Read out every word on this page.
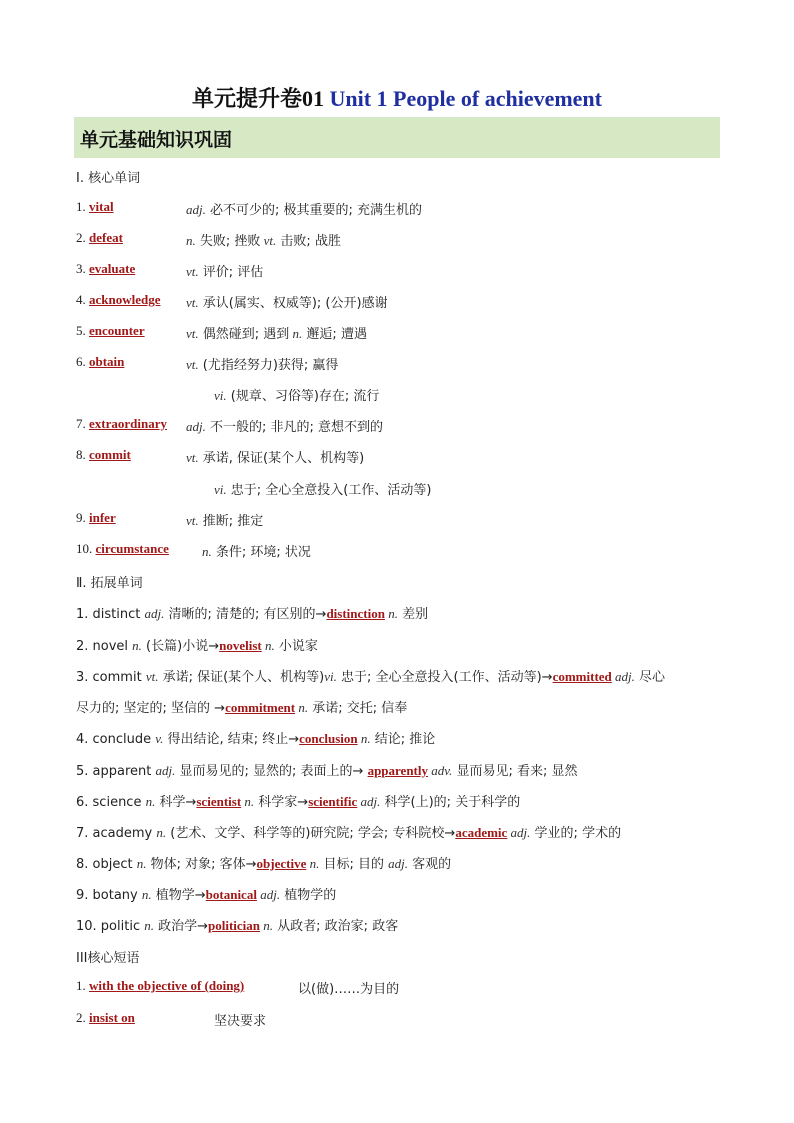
单元提升卷01 Unit 1 People of achievement
单元基础知识巩固
Ⅰ. 核心单词
1. vital	adj. 必不可少的; 极其重要的; 充满生机的
2. defeat	n. 失败; 挫败 vt. 击败; 战胜
3. evaluate	vt. 评价; 评估
4. acknowledge vt. 承认(属实、权威等); (公开)感谢
5. encounter	vt. 偶然碰到; 遇到 n. 邂逅; 遭遇
6. obtain	vt. (尤指经努力)获得; 赢得
vi. (规章、习俗等)存在; 流行
7. extraordinary adj. 不一般的; 非凡的; 意想不到的
8. commit	vt. 承诺, 保证(某个人、机构等)
vi. 忠于; 全心全意投入(工作、活动等)
9. infer	vt. 推断; 推定
10. circumstance	n. 条件; 环境; 状况
Ⅱ. 拓展单词
1. distinct adj. 清晰的; 清楚的; 有区别的→distinction n. 差别
2. novel n. (长篇)小说→novelist n. 小说家
3. commit vt. 承诺; 保证(某个人、机构等)vi. 忠于; 全心全意投入(工作、活动等)→committed adj. 尽心
尽力的; 坚定的; 坚信的 →commitment n. 承诺; 交托; 信奉
4. conclude v. 得出结论, 结束; 终止→conclusion n. 结论; 推论
5. apparent adj. 显而易见的; 显然的; 表面上的→ apparently adv. 显而易见; 看来; 显然
6. science n. 科学→scientist n. 科学家→scientific adj. 科学(上)的; 关于科学的
7. academy n. (艺术、文学、科学等的)研究院; 学会; 专科院校→academic adj. 学业的; 学术的
8. object n. 物体; 对象; 客体→objective n. 目标; 目的 adj. 客观的
9. botany n. 植物学→botanical adj. 植物学的
10. politic n. 政治学→politician n. 从政者; 政治家; 政客
III核心短语
1. with the objective of (doing)	以(做)……为目的
2. insist on	坚决要求
